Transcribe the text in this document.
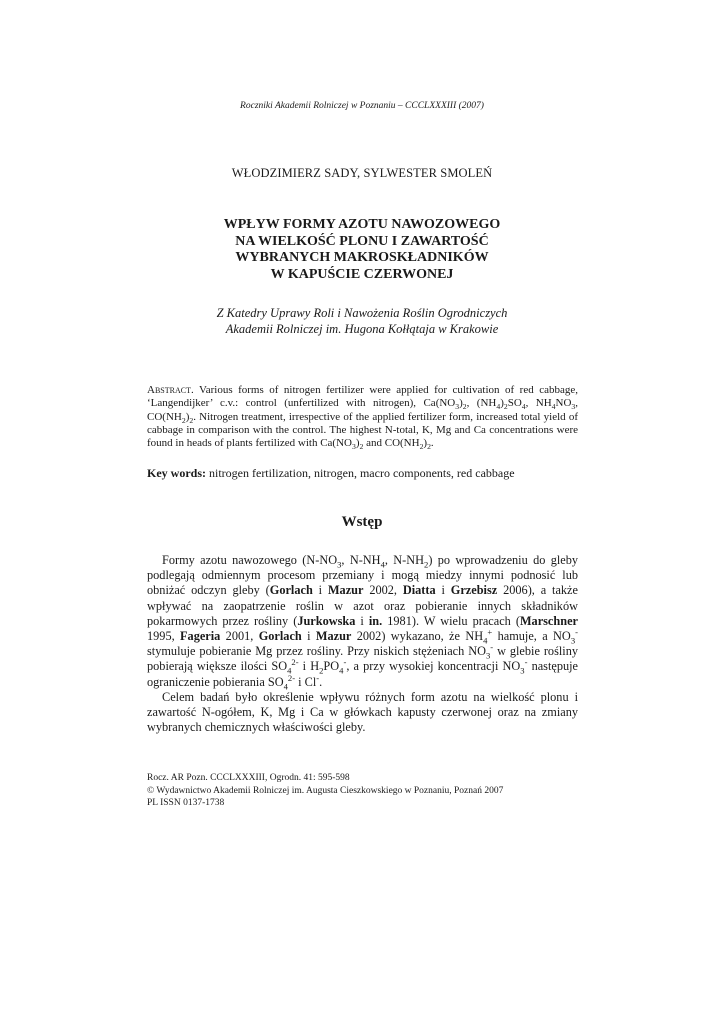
Roczniki Akademii Rolniczej w Poznaniu – CCCLXXXIII (2007)
WŁODZIMIERZ SADY, SYLWESTER SMOLEŃ
WPŁYW FORMY AZOTU NAWOZOWEGO
NA WIELKOŚĆ PLONU I ZAWARTOŚĆ
WYBRANYCH MAKROSKŁADNIKÓW
W KAPUŚCIE CZERWONEJ
Z Katedry Uprawy Roli i Nawożenia Roślin Ogrodniczych
Akademii Rolniczej im. Hugona Kołłątaja w Krakowie
Abstract. Various forms of nitrogen fertilizer were applied for cultivation of red cabbage, ‘Langendijker’ c.v.: control (unfertilized with nitrogen), $Ca(NO_3)_2$, $(NH_4)_2SO_4$, $NH_4NO_3$, $CO(NH_2)_2$. Nitrogen treatment, irrespective of the applied fertilizer form, increased total yield of cabbage in comparison with the control. The highest N-total, K, Mg and Ca concentrations were found in heads of plants fertilized with $Ca(NO_3)_2$ and $CO(NH_2)_2$.
Key words: nitrogen fertilization, nitrogen, macro components, red cabbage
Wstęp

Formy azotu nawozowego ($N-NO_3$, $N-NH_4$, $N-NH_2$) po wprowadzeniu do gleby podlegają odmiennym procesom przemiany i mogą miedzy innymi podnosić lub obniżać odczyn gleby (Gorlach i Mazur 2002, Diatta i Grzebisz 2006), a także wpływać na zaopatrzenie roślin w azot oraz pobieranie innych składników pokarmowych przez rośliny (Jurkowska i in. 1981). W wielu pracach (Marschner 1995, Fageria 2001, Gorlach i Mazur 2002) wykazano, że $NH_4^+$ hamuje, a $NO_3^-$ stymuluje pobieranie Mg przez rośliny. Przy niskich stężeniach $NO_3^-$ w glebie rośliny pobierają większe ilości $SO_4^{2-}$ i $H_2PO_4^-$, a przy wysokiej koncentracji $NO_3^-$ następuje ograniczenie pobierania $SO_4^{2-}$ i Cl-.

Celem badań było określenie wpływu różnych form azotu na wielkość plonu i zawartość N-ogółem, K, Mg i Ca w główkach kapusty czerwonej oraz na zmiany wybranych chemicznych właściwości gleby.

Rocz. AR Pozn. CCCLXXXIII, Ogrodn. 41: 595-598
© Wydawnictwo Akademii Rolniczej im. Augusta Cieszkowskiego w Poznaniu, Poznań 2007
PL ISSN 0137-1738
